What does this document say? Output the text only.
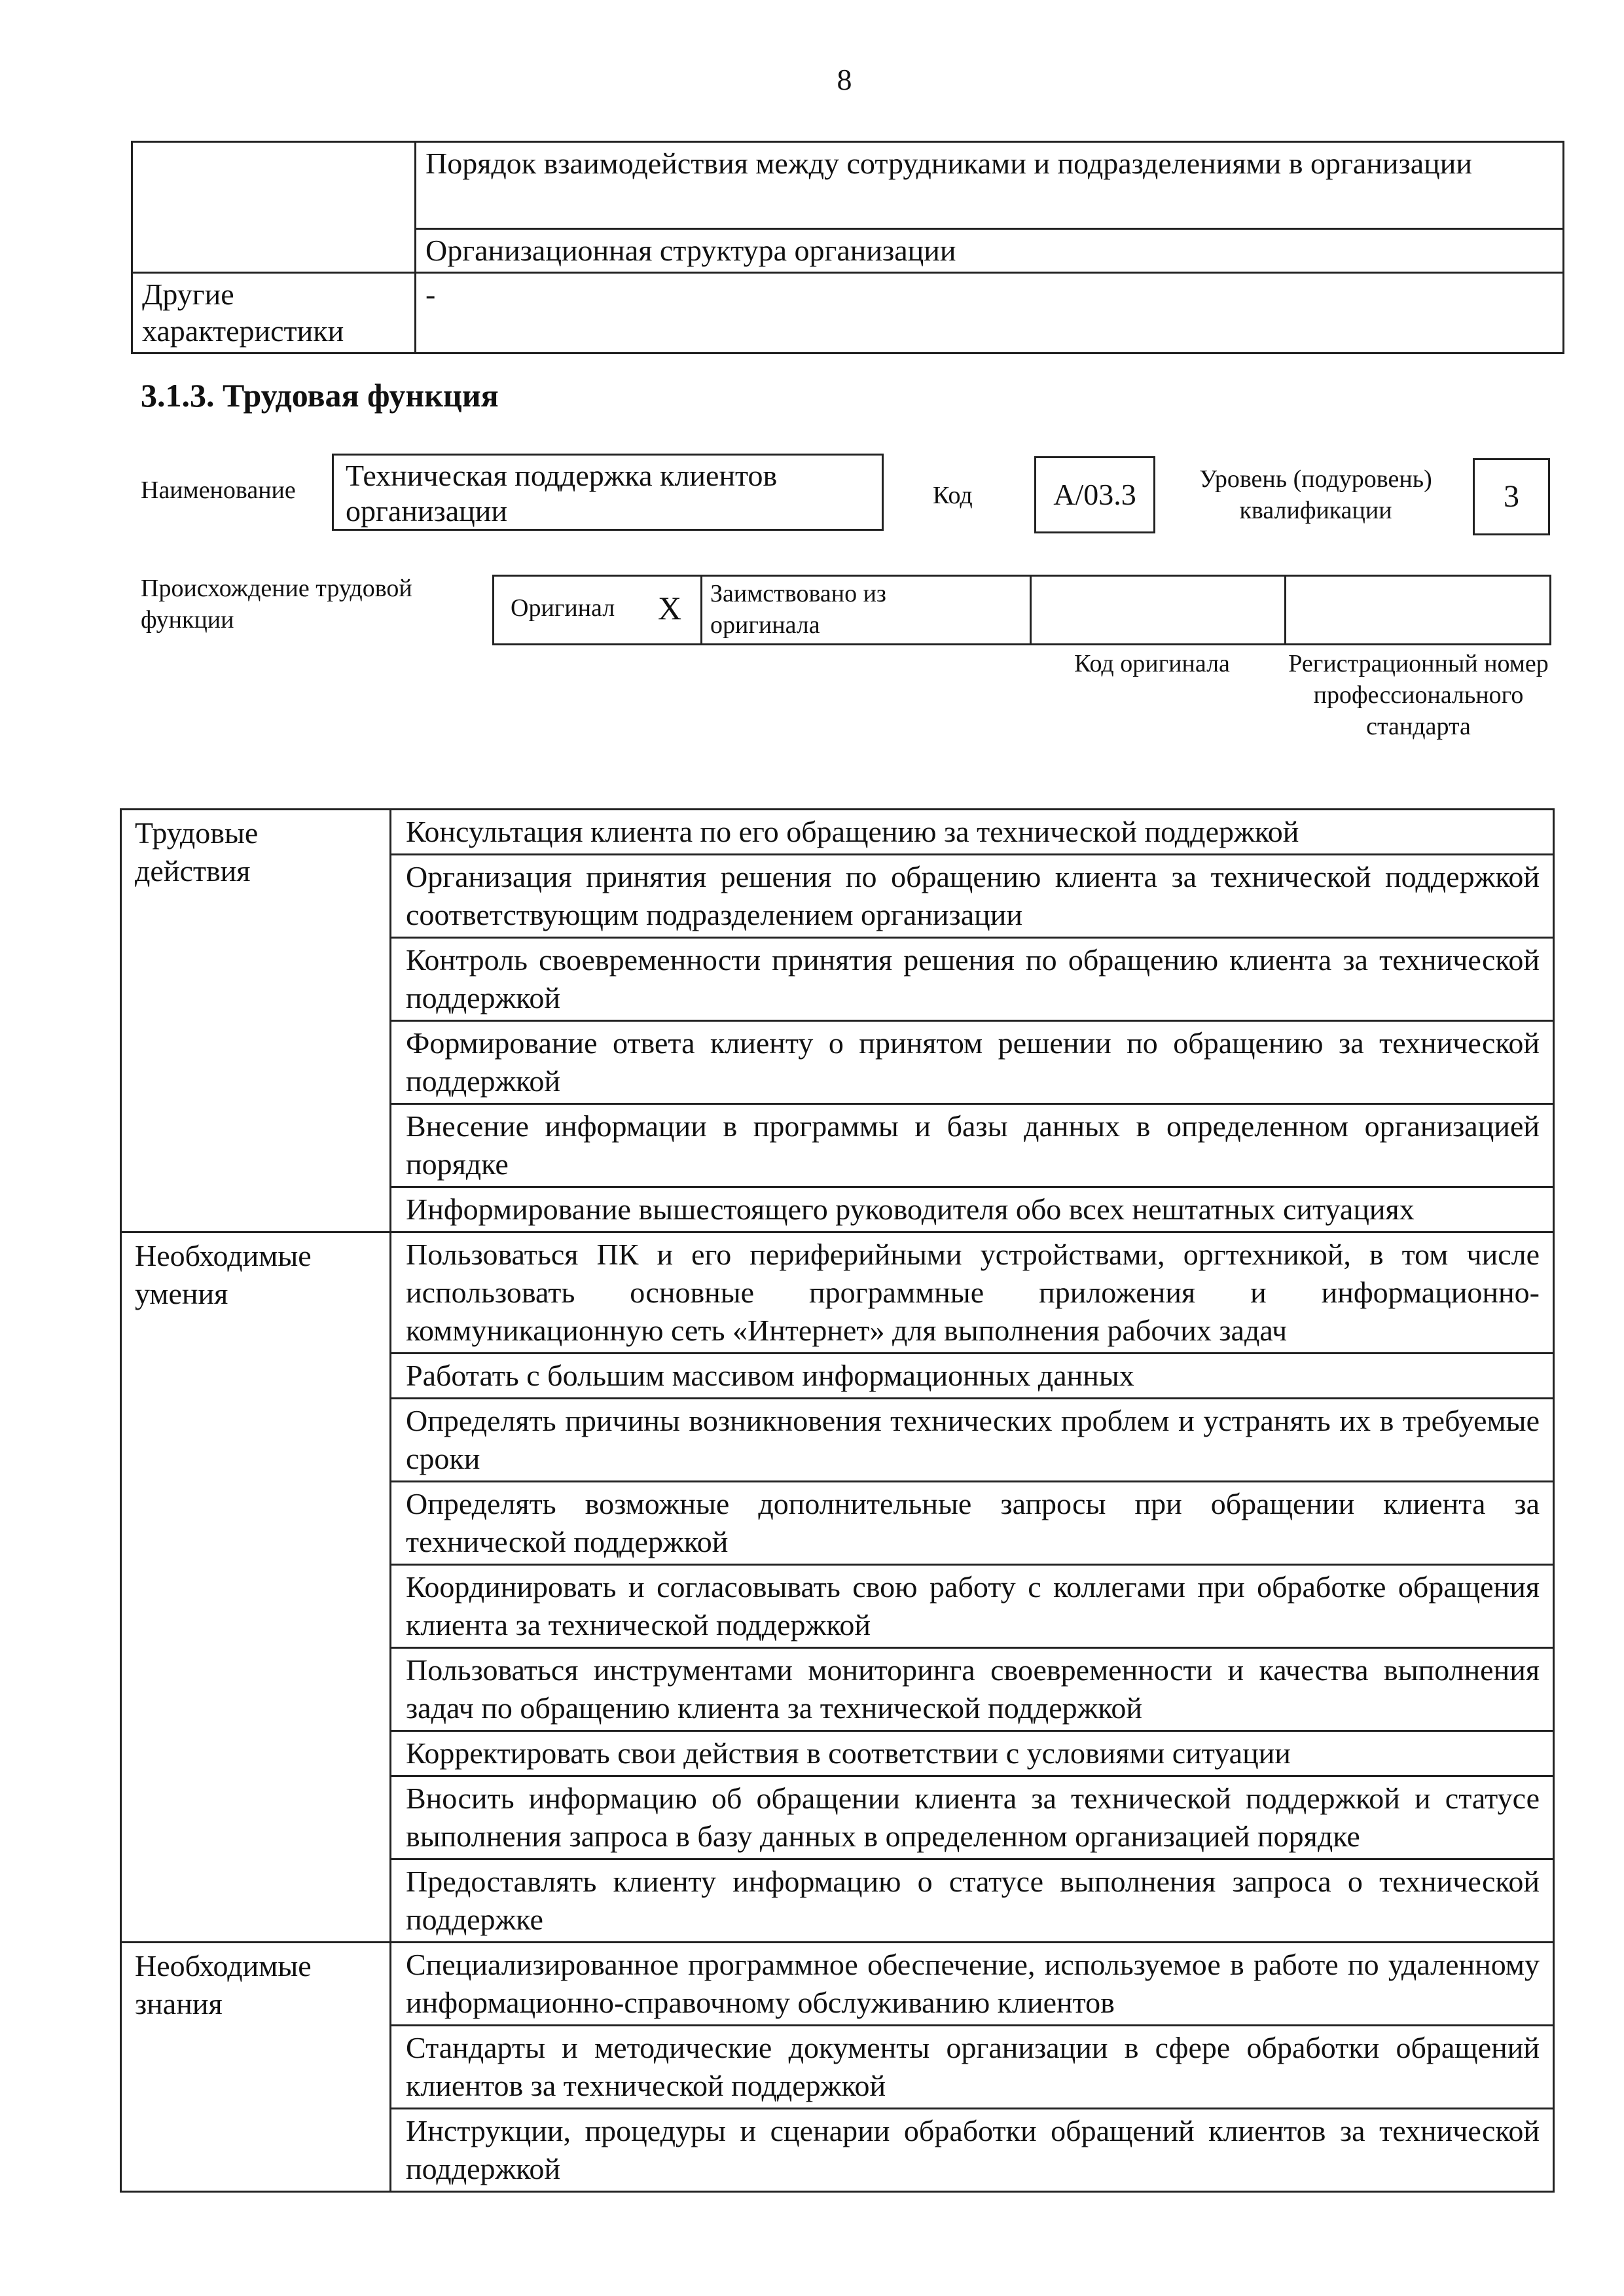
8
	Порядок взаимодействия между сотрудниками и подразделениями в организации
	Организационная структура организации
Другие характеристики	-
3.1.3. Трудовая функция
Наименование	Техническая поддержка клиентов организации	Код	A/03.3	Уровень (подуровень) квалификации	3
Происхождение трудовой функции	Оригинал	X	Заимствовано из оригинала
Код оригинала	Регистрационный номер профессионального стандарта
Трудовые действия	Консультация клиента по его обращению за технической поддержкой
	Организация принятия решения по обращению клиента за технической поддержкой соответствующим подразделением организации
	Контроль своевременности принятия решения по обращению клиента за технической поддержкой
	Формирование ответа клиенту о принятом решении по обращению за технической поддержкой
	Внесение информации в программы и базы данных в определенном организацией порядке
	Информирование вышестоящего руководителя обо всех нештатных ситуациях
Необходимые умения	Пользоваться ПК и его периферийными устройствами, оргтехникой, в том числе использовать основные программные приложения и информационно-коммуникационную сеть «Интернет» для выполнения рабочих задач
	Работать с большим массивом информационных данных
	Определять причины возникновения технических проблем и устранять их в требуемые сроки
	Определять возможные дополнительные запросы при обращении клиента за технической поддержкой
	Координировать и согласовывать свою работу с коллегами при обработке обращения клиента за технической поддержкой
	Пользоваться инструментами мониторинга своевременности и качества выполнения задач по обращению клиента за технической поддержкой
	Корректировать свои действия в соответствии с условиями ситуации
	Вносить информацию об обращении клиента за технической поддержкой и статусе выполнения запроса в базу данных в определенном организацией порядке
	Предоставлять клиенту информацию о статусе выполнения запроса о технической поддержке
Необходимые знания	Специализированное программное обеспечение, используемое в работе по удаленному информационно-справочному обслуживанию клиентов
	Стандарты и методические документы организации в сфере обработки обращений клиентов за технической поддержкой
	Инструкции, процедуры и сценарии обработки обращений клиентов за технической поддержкой
